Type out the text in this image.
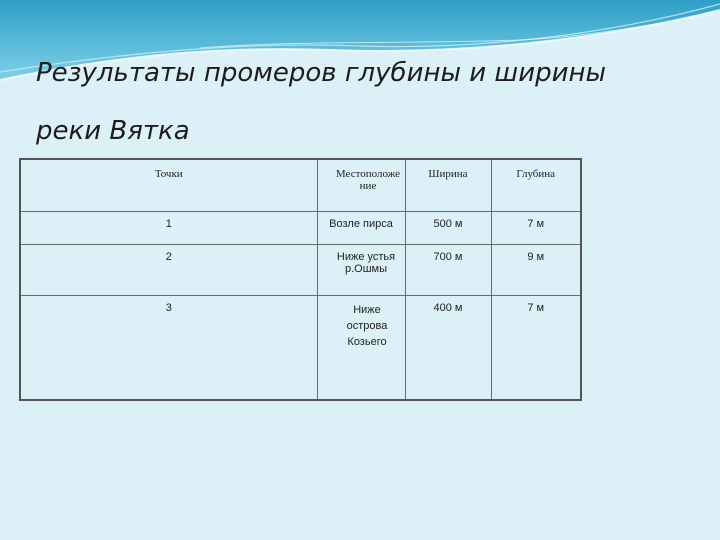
Результаты промеров глубины и ширины
реки Вятка
Точки	Местоположе ние	Ширина	Глубина

1	Возле пирса	500 м	7 м

2	Ниже устья р.Ошмы	700 м	9 м

3	Ниже острова Козьего	400 м	7 м
